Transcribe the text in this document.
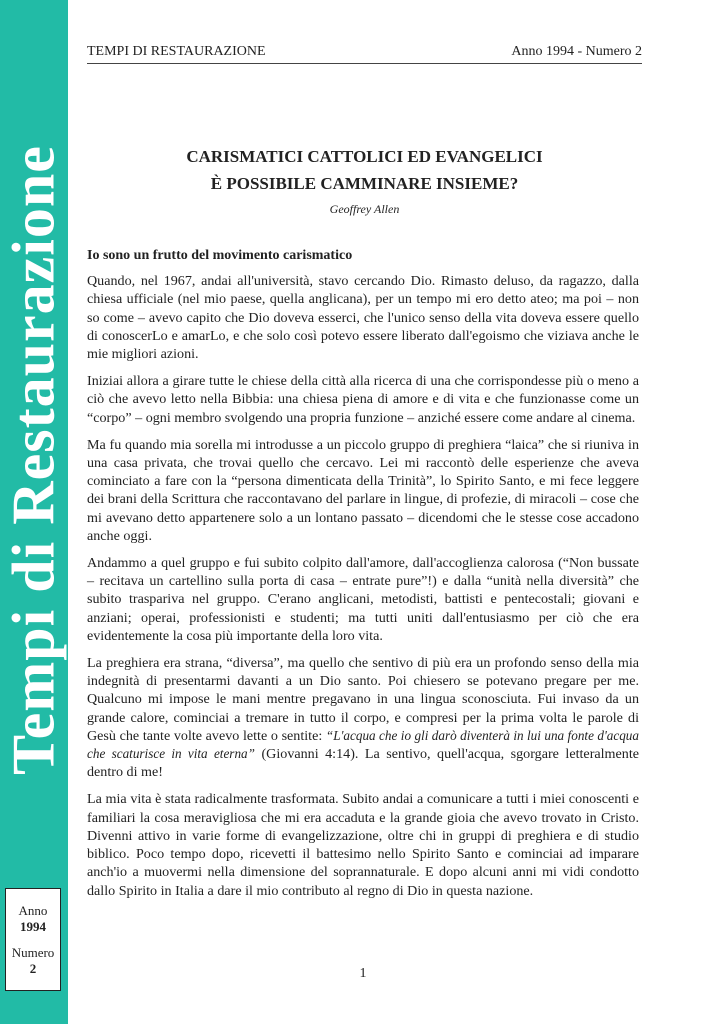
Tempi di Restaurazione
Anno
1994
Numero
2
TEMPI DI RESTAURAZIONE	Anno 1994 - Numero 2
CARISMATICI CATTOLICI ED EVANGELICI
È POSSIBILE CAMMINARE INSIEME?
Geoffrey Allen
Io sono un frutto del movimento carismatico

Quando, nel 1967, andai all'università, stavo cercando Dio. Rimasto deluso, da ragazzo, dalla chiesa ufficiale (nel mio paese, quella anglicana), per un tempo mi ero detto ateo; ma poi – non so come – avevo capito che Dio doveva esserci, che l'unico senso della vita doveva essere quello di conoscerLo e amarLo, e che solo così potevo essere liberato dall'egoismo che viziava anche le mie migliori azioni.

Iniziai allora a girare tutte le chiese della città alla ricerca di una che corrispondesse più o meno a ciò che avevo letto nella Bibbia: una chiesa piena di amore e di vita e che funzionasse come un “corpo” – ogni membro svolgendo una propria funzione – anziché essere come andare al cinema.

Ma fu quando mia sorella mi introdusse a un piccolo gruppo di preghiera “laica” che si riuniva in una casa privata, che trovai quello che cercavo. Lei mi raccontò delle esperienze che aveva cominciato a fare con la “persona dimenticata della Trinità”, lo Spirito Santo, e mi fece leggere dei brani della Scrittura che raccontavano del parlare in lingue, di profezie, di miracoli – cose che mi avevano detto appartenere solo a un lontano passato – dicendomi che le stesse cose accadono anche oggi.

Andammo a quel gruppo e fui subito colpito dall'amore, dall'accoglienza calorosa (“Non bussate – recitava un cartellino sulla porta di casa – entrate pure”!) e dalla “unità nella diversità” che subito traspariva nel gruppo. C'erano anglicani, metodisti, battisti e pentecostali; giovani e anziani; operai, professionisti e studenti; ma tutti uniti dall'entusiasmo per ciò che era evidentemente la cosa più importante della loro vita.

La preghiera era strana, “diversa”, ma quello che sentivo di più era un profondo senso della mia indegnità di presentarmi davanti a un Dio santo. Poi chiesero se potevano pregare per me. Qualcuno mi impose le mani mentre pregavano in una lingua sconosciuta. Fui invaso da un grande calore, cominciai a tremare in tutto il corpo, e compresi per la prima volta le parole di Gesù che tante volte avevo lette o sentite: “L'acqua che io gli darò diventerà in lui una fonte d'acqua che scaturisce in vita eterna” (Giovanni 4:14). La sentivo, quell'acqua, sgorgare letteralmente dentro di me!

La mia vita è stata radicalmente trasformata. Subito andai a comunicare a tutti i miei conoscenti e familiari la cosa meravigliosa che mi era accaduta e la grande gioia che avevo trovato in Cristo. Divenni attivo in varie forme di evangelizzazione, oltre chi in gruppi di preghiera e di studio biblico. Poco tempo dopo, ricevetti il battesimo nello Spirito Santo e cominciai ad imparare anch'io a muovermi nella dimensione del soprannaturale. E dopo alcuni anni mi vidi condotto dallo Spirito in Italia a dare il mio contributo al regno di Dio in questa nazione.

1
